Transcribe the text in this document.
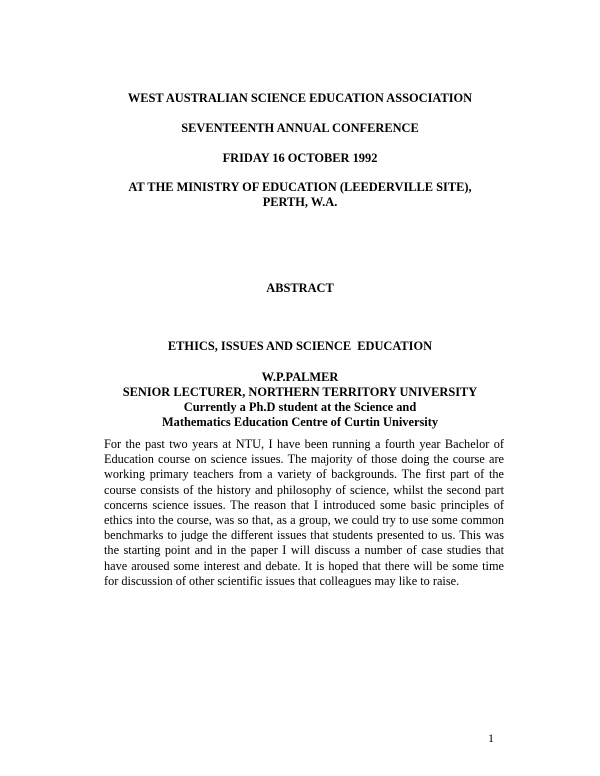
WEST AUSTRALIAN SCIENCE EDUCATION ASSOCIATION

SEVENTEENTH ANNUAL CONFERENCE

FRIDAY 16 OCTOBER 1992

AT THE MINISTRY OF EDUCATION (LEEDERVILLE SITE),
PERTH, W.A.

ABSTRACT

ETHICS, ISSUES AND SCIENCE  EDUCATION

W.P.PALMER
SENIOR LECTURER, NORTHERN TERRITORY UNIVERSITY
Currently a Ph.D student at the Science and
Mathematics Education Centre of Curtin University

For the past two years at NTU, I have been running a fourth year Bachelor of Education course on science issues. The majority of those doing the course are working primary teachers from a variety of backgrounds. The first part of the course consists of the history and philosophy of science, whilst the second part concerns science issues. The reason that I introduced some basic principles of ethics into the course, was so that, as a group, we could try to use some common benchmarks to judge the different issues that students presented to us. This was the starting point and in the paper I will discuss a number of case studies that have aroused some interest and debate. It is hoped that there will be some time for discussion of other scientific issues that colleagues may like to raise.

1
